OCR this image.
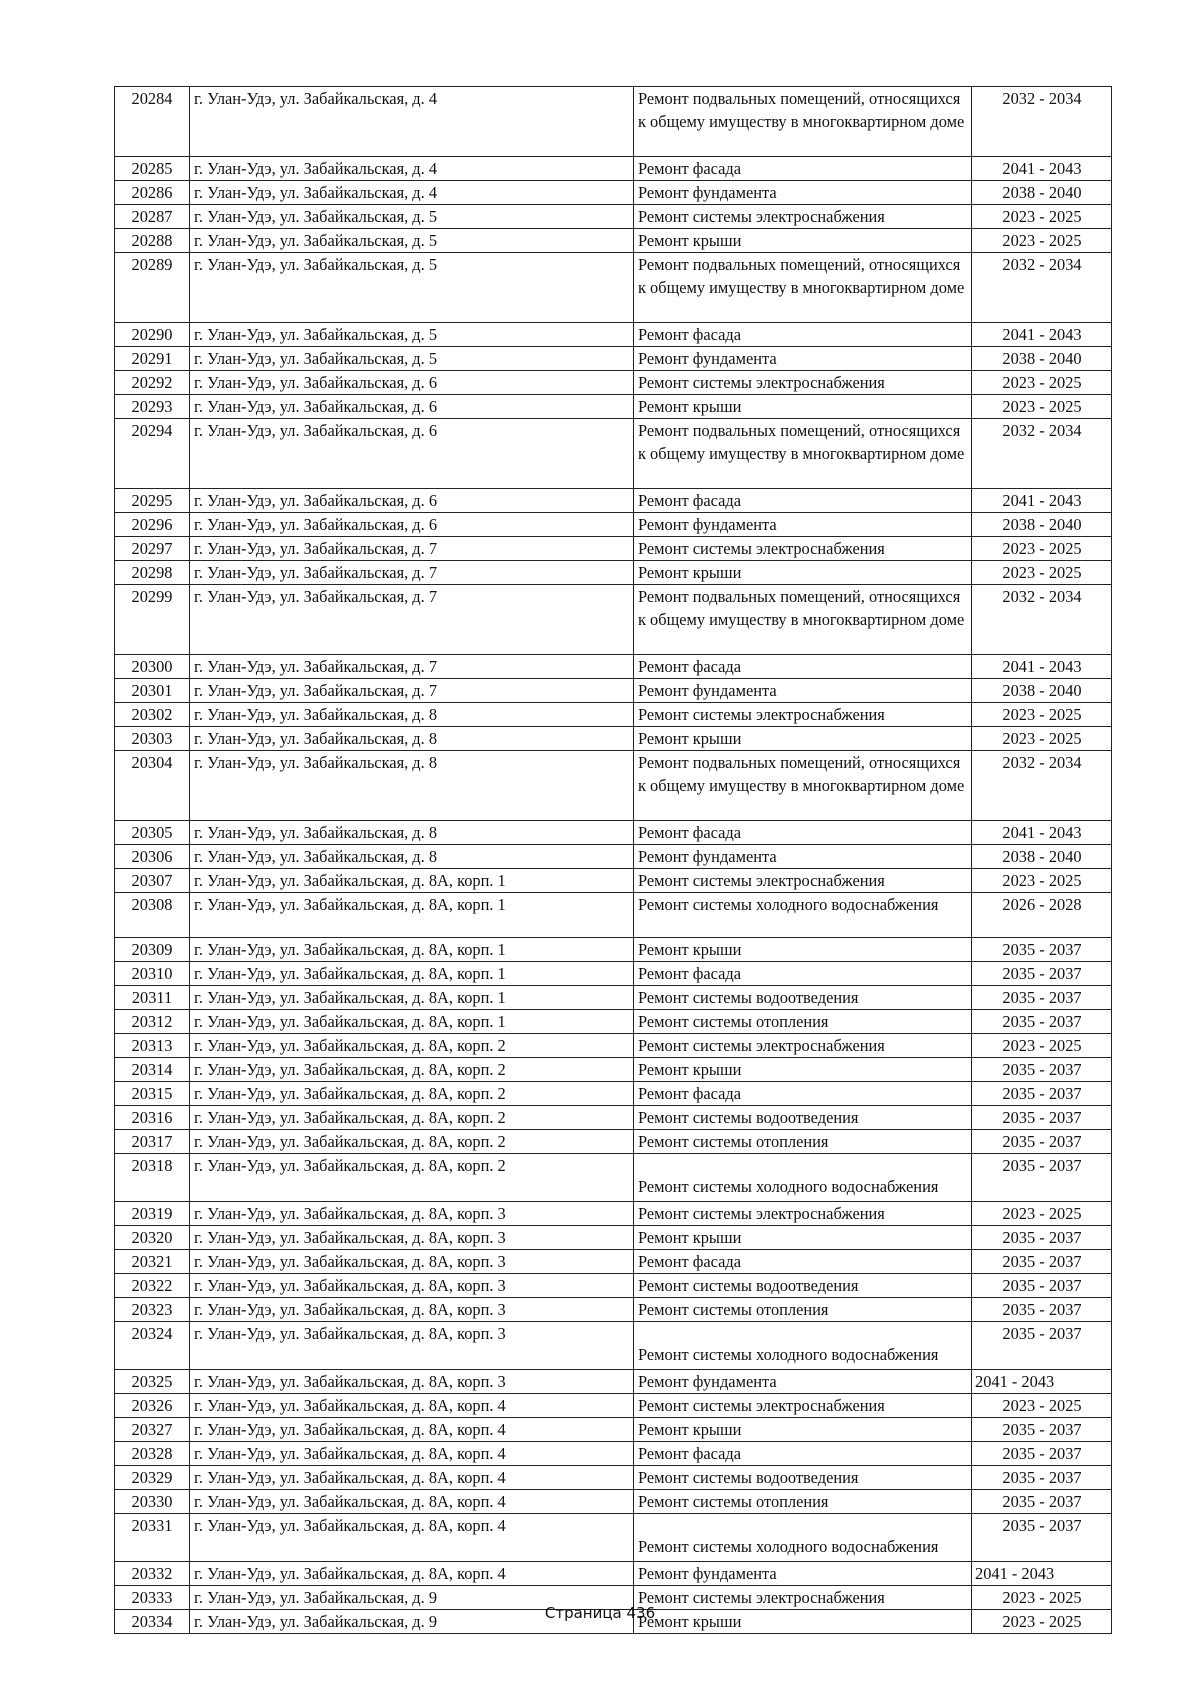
20284	г. Улан-Удэ, ул. Забайкальская, д. 4	Ремонт подвальных помещений, относящихся к общему имуществу в многоквартирном доме	2032 - 2034
20285	г. Улан-Удэ, ул. Забайкальская, д. 4	Ремонт фасада	2041 - 2043
20286	г. Улан-Удэ, ул. Забайкальская, д. 4	Ремонт фундамента	2038 - 2040
20287	г. Улан-Удэ, ул. Забайкальская, д. 5	Ремонт системы электроснабжения	2023 - 2025
20288	г. Улан-Удэ, ул. Забайкальская, д. 5	Ремонт крыши	2023 - 2025
20289	г. Улан-Удэ, ул. Забайкальская, д. 5	Ремонт подвальных помещений, относящихся к общему имуществу в многоквартирном доме	2032 - 2034
20290	г. Улан-Удэ, ул. Забайкальская, д. 5	Ремонт фасада	2041 - 2043
20291	г. Улан-Удэ, ул. Забайкальская, д. 5	Ремонт фундамента	2038 - 2040
20292	г. Улан-Удэ, ул. Забайкальская, д. 6	Ремонт системы электроснабжения	2023 - 2025
20293	г. Улан-Удэ, ул. Забайкальская, д. 6	Ремонт крыши	2023 - 2025
20294	г. Улан-Удэ, ул. Забайкальская, д. 6	Ремонт подвальных помещений, относящихся к общему имуществу в многоквартирном доме	2032 - 2034
20295	г. Улан-Удэ, ул. Забайкальская, д. 6	Ремонт фасада	2041 - 2043
20296	г. Улан-Удэ, ул. Забайкальская, д. 6	Ремонт фундамента	2038 - 2040
20297	г. Улан-Удэ, ул. Забайкальская, д. 7	Ремонт системы электроснабжения	2023 - 2025
20298	г. Улан-Удэ, ул. Забайкальская, д. 7	Ремонт крыши	2023 - 2025
20299	г. Улан-Удэ, ул. Забайкальская, д. 7	Ремонт подвальных помещений, относящихся к общему имуществу в многоквартирном доме	2032 - 2034
20300	г. Улан-Удэ, ул. Забайкальская, д. 7	Ремонт фасада	2041 - 2043
20301	г. Улан-Удэ, ул. Забайкальская, д. 7	Ремонт фундамента	2038 - 2040
20302	г. Улан-Удэ, ул. Забайкальская, д. 8	Ремонт системы электроснабжения	2023 - 2025
20303	г. Улан-Удэ, ул. Забайкальская, д. 8	Ремонт крыши	2023 - 2025
20304	г. Улан-Удэ, ул. Забайкальская, д. 8	Ремонт подвальных помещений, относящихся к общему имуществу в многоквартирном доме	2032 - 2034
20305	г. Улан-Удэ, ул. Забайкальская, д. 8	Ремонт фасада	2041 - 2043
20306	г. Улан-Удэ, ул. Забайкальская, д. 8	Ремонт фундамента	2038 - 2040
20307	г. Улан-Удэ, ул. Забайкальская, д. 8А, корп. 1	Ремонт системы электроснабжения	2023 - 2025
20308	г. Улан-Удэ, ул. Забайкальская, д. 8А, корп. 1	Ремонт системы холодного водоснабжения	2026 - 2028
20309	г. Улан-Удэ, ул. Забайкальская, д. 8А, корп. 1	Ремонт крыши	2035 - 2037
20310	г. Улан-Удэ, ул. Забайкальская, д. 8А, корп. 1	Ремонт фасада	2035 - 2037
20311	г. Улан-Удэ, ул. Забайкальская, д. 8А, корп. 1	Ремонт системы водоотведения	2035 - 2037
20312	г. Улан-Удэ, ул. Забайкальская, д. 8А, корп. 1	Ремонт системы отопления	2035 - 2037
20313	г. Улан-Удэ, ул. Забайкальская, д. 8А, корп. 2	Ремонт системы электроснабжения	2023 - 2025
20314	г. Улан-Удэ, ул. Забайкальская, д. 8А, корп. 2	Ремонт крыши	2035 - 2037
20315	г. Улан-Удэ, ул. Забайкальская, д. 8А, корп. 2	Ремонт фасада	2035 - 2037
20316	г. Улан-Удэ, ул. Забайкальская, д. 8А, корп. 2	Ремонт системы водоотведения	2035 - 2037
20317	г. Улан-Удэ, ул. Забайкальская, д. 8А, корп. 2	Ремонт системы отопления	2035 - 2037
20318	г. Улан-Удэ, ул. Забайкальская, д. 8А, корп. 2	Ремонт системы холодного водоснабжения	2035 - 2037
20319	г. Улан-Удэ, ул. Забайкальская, д. 8А, корп. 3	Ремонт системы электроснабжения	2023 - 2025
20320	г. Улан-Удэ, ул. Забайкальская, д. 8А, корп. 3	Ремонт крыши	2035 - 2037
20321	г. Улан-Удэ, ул. Забайкальская, д. 8А, корп. 3	Ремонт фасада	2035 - 2037
20322	г. Улан-Удэ, ул. Забайкальская, д. 8А, корп. 3	Ремонт системы водоотведения	2035 - 2037
20323	г. Улан-Удэ, ул. Забайкальская, д. 8А, корп. 3	Ремонт системы отопления	2035 - 2037
20324	г. Улан-Удэ, ул. Забайкальская, д. 8А, корп. 3	Ремонт системы холодного водоснабжения	2035 - 2037
20325	г. Улан-Удэ, ул. Забайкальская, д. 8А, корп. 3	Ремонт фундамента	2041 - 2043
20326	г. Улан-Удэ, ул. Забайкальская, д. 8А, корп. 4	Ремонт системы электроснабжения	2023 - 2025
20327	г. Улан-Удэ, ул. Забайкальская, д. 8А, корп. 4	Ремонт крыши	2035 - 2037
20328	г. Улан-Удэ, ул. Забайкальская, д. 8А, корп. 4	Ремонт фасада	2035 - 2037
20329	г. Улан-Удэ, ул. Забайкальская, д. 8А, корп. 4	Ремонт системы водоотведения	2035 - 2037
20330	г. Улан-Удэ, ул. Забайкальская, д. 8А, корп. 4	Ремонт системы отопления	2035 - 2037
20331	г. Улан-Удэ, ул. Забайкальская, д. 8А, корп. 4	Ремонт системы холодного водоснабжения	2035 - 2037
20332	г. Улан-Удэ, ул. Забайкальская, д. 8А, корп. 4	Ремонт фундамента	2041 - 2043
20333	г. Улан-Удэ, ул. Забайкальская, д. 9	Ремонт системы электроснабжения	2023 - 2025
20334	г. Улан-Удэ, ул. Забайкальская, д. 9	Ремонт крыши	2023 - 2025
Страница 436
